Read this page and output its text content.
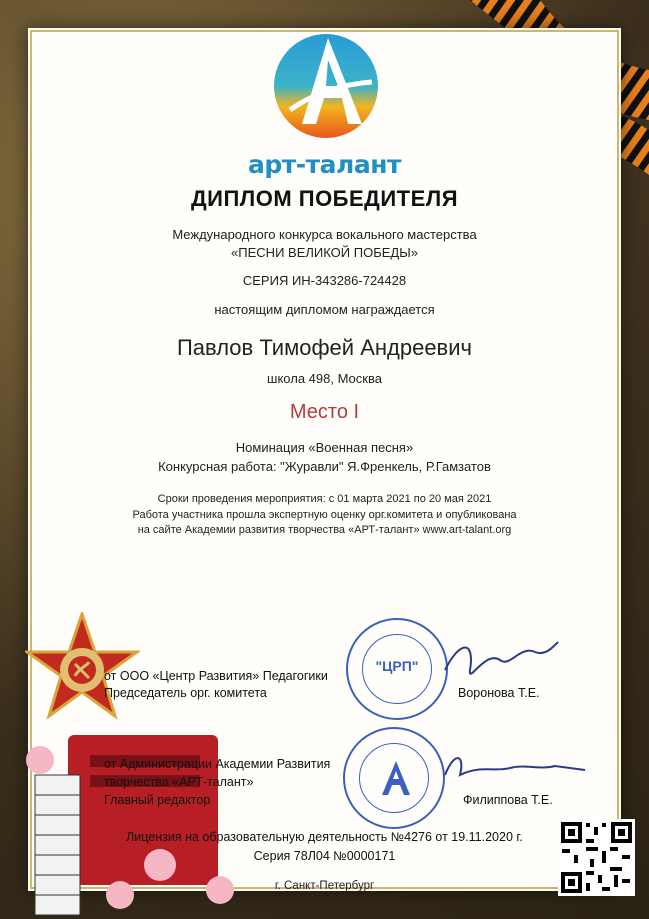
арт-талант
ДИПЛОМ ПОБЕДИТЕЛЯ
Международного конкурса вокального мастерства
«ПЕСНИ ВЕЛИКОЙ ПОБЕДЫ»
СЕРИЯ ИН-343286-724428
настоящим дипломом награждается
Павлов Тимофей Андреевич
школа 498, Москва
Место I
Номинация «Военная песня»
Конкурсная работа: "Журавли" Я.Френкель, Р.Гамзатов
Сроки проведения мероприятия: с 01 марта 2021 по 20 мая 2021
Работа участника прошла экспертную оценку орг.комитета и опубликована
на сайте Академии развития творчества «АРТ-талант» www.art-talant.org
от ООО «Центр Развития» Педагогики
Председатель орг. комитета	Воронова Т.Е.
"ЦРП"
от Администрации Академии Развития
творчества «АРТ-талант»
Главный редактор	Филиппова Т.Е.
Лицензия на образовательную деятельность №4276 от 19.11.2020 г.
Серия 78Л04 №0000171
г. Санкт-Петербург
